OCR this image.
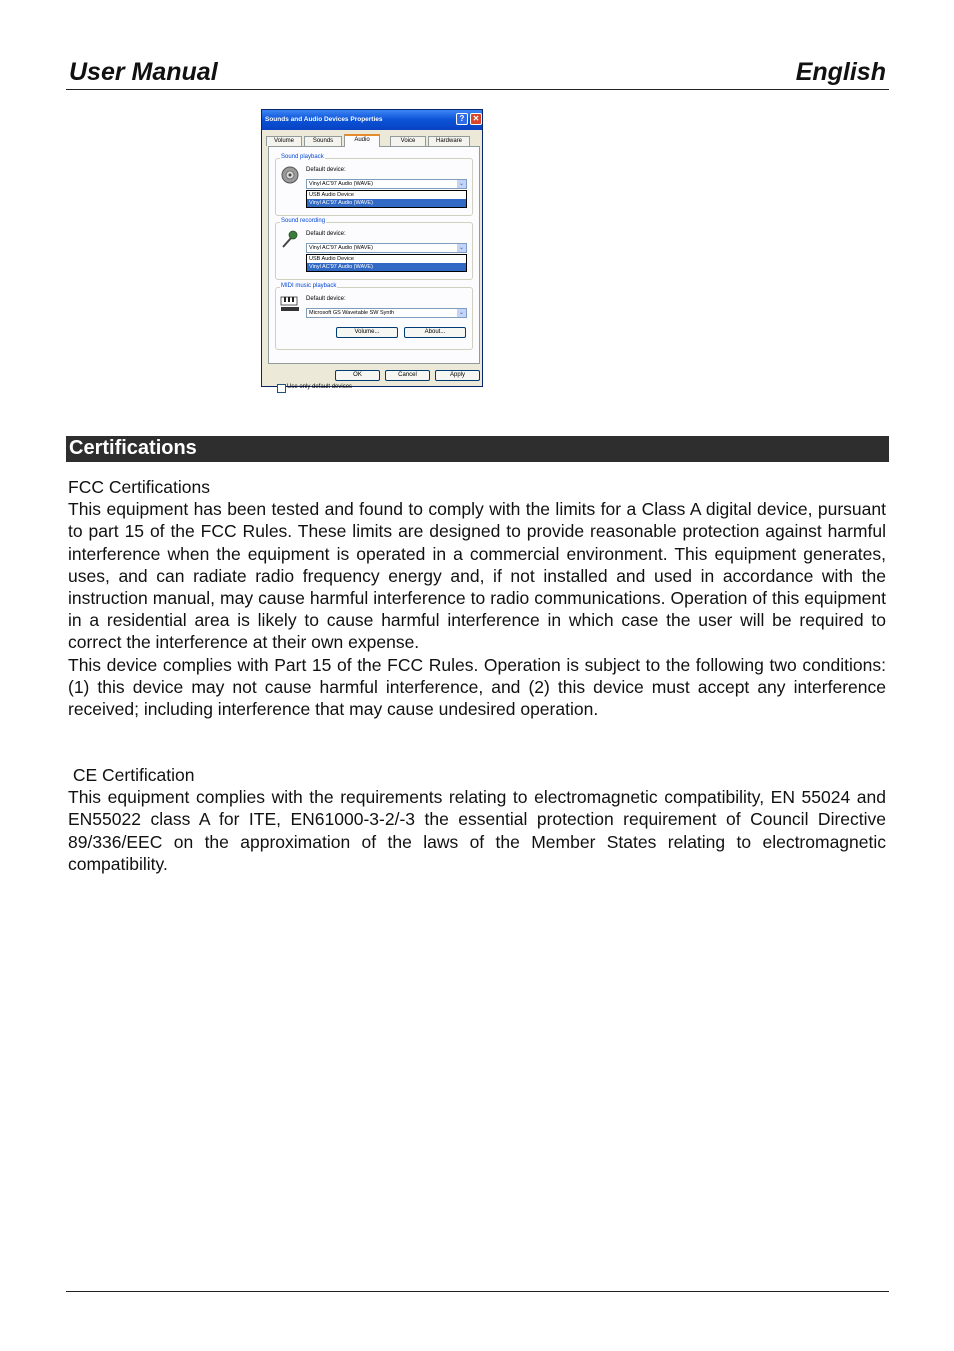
User Manual	English
Sounds and Audio Devices Properties	?	✕
Volume	Sounds	Audio	Voice	Hardware
Sound playback
Default device:
Vinyl AC'97 Audio (WAVE)	⌄
USB Audio Device
Vinyl AC'97 Audio (WAVE)
Sound recording
Default device:
Vinyl AC'97 Audio (WAVE)	⌄
USB Audio Device
Vinyl AC'97 Audio (WAVE)
MIDI music playback
Default device:
Microsoft GS Wavetable SW Synth	⌄
Volume...	About...
Use only default devices
OK	Cancel	Apply
Certifications

FCC Certifications

This equipment has been tested and found to comply with the limits for a Class A digital device, pursuant to part 15 of the FCC Rules. These limits are designed to provide reasonable protection against harmful interference when the equipment is operated in a commercial environment. This equipment generates, uses, and can radiate radio frequency energy and, if not installed and used in accordance with the instruction manual, may cause harmful interference to radio communications. Operation of this equipment in a residential area is likely to cause harmful interference in which case the user will be required to correct the interference at their own expense.

This device complies with Part 15 of the FCC Rules. Operation is subject to the following two conditions: (1) this device may not cause harmful interference, and (2) this device must accept any interference received; including interference that may cause undesired operation.

CE Certification

This equipment complies with the requirements relating to electromagnetic compatibility, EN 55024 and EN55022 class A for ITE, EN61000-3-2/-3 the essential protection requirement of Council Directive 89/336/EEC on the approximation of the laws of the Member States relating to electromagnetic compatibility.
